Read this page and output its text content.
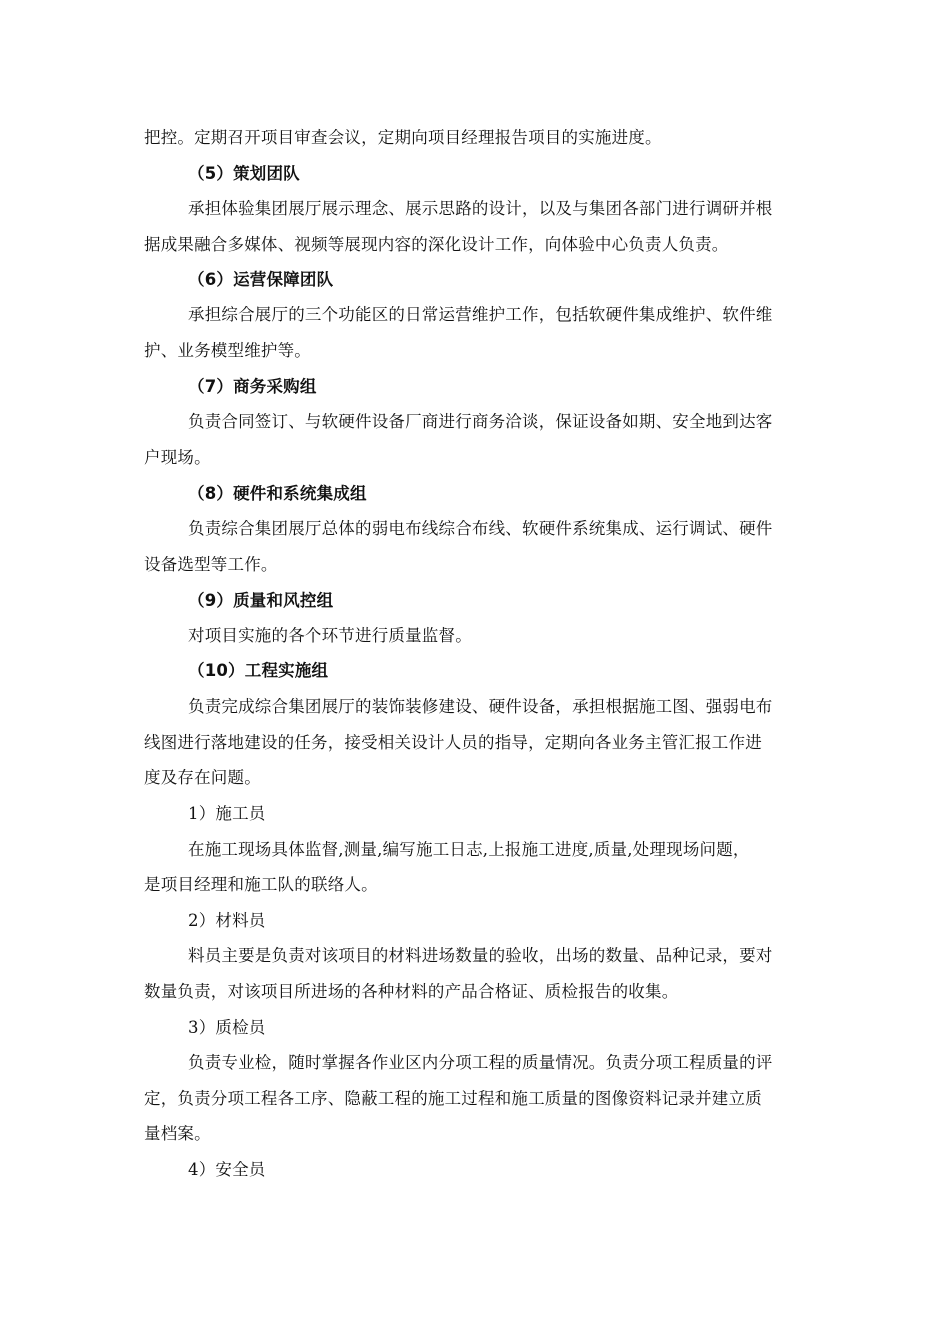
把控。定期召开项目审查会议，定期向项目经理报告项目的实施进度。
（5）策划团队
承担体验集团展厅展示理念、展示思路的设计，以及与集团各部门进行调研并根
据成果融合多媒体、视频等展现内容的深化设计工作，向体验中心负责人负责。
（6）运营保障团队
承担综合展厅的三个功能区的日常运营维护工作，包括软硬件集成维护、软件维
护、业务模型维护等。
（7）商务采购组
负责合同签订、与软硬件设备厂商进行商务洽谈，保证设备如期、安全地到达客
户现场。
（8）硬件和系统集成组
负责综合集团展厅总体的弱电布线综合布线、软硬件系统集成、运行调试、硬件
设备选型等工作。
（9）质量和风控组
对项目实施的各个环节进行质量监督。
（10）工程实施组
负责完成综合集团展厅的装饰装修建设、硬件设备，承担根据施工图、强弱电布
线图进行落地建设的任务，接受相关设计人员的指导，定期向各业务主管汇报工作进
度及存在问题。
1）施工员
在施工现场具体监督,测量,编写施工日志,上报施工进度,质量,处理现场问题，
是项目经理和施工队的联络人。
2）材料员
料员主要是负责对该项目的材料进场数量的验收，出场的数量、品种记录，要对
数量负责，对该项目所进场的各种材料的产品合格证、质检报告的收集。
3）质检员
负责专业检，随时掌握各作业区内分项工程的质量情况。负责分项工程质量的评
定，负责分项工程各工序、隐蔽工程的施工过程和施工质量的图像资料记录并建立质
量档案。
4）安全员
